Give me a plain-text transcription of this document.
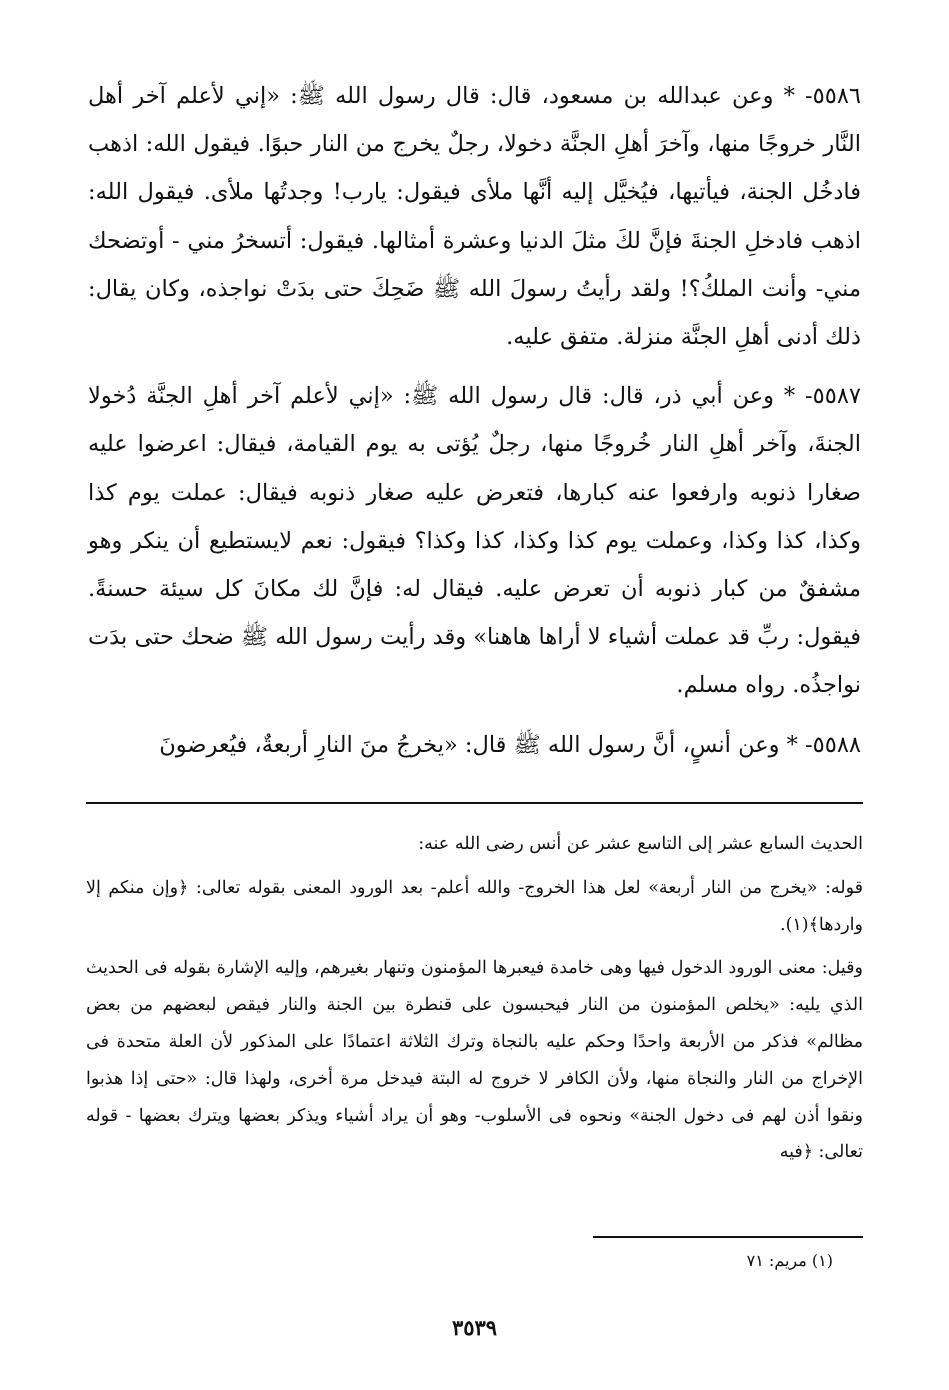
٥٥٨٦- * وعن عبدالله بن مسعود، قال: قال رسول الله ﷺ: «إني لأعلم آخر أهل النَّار خروجًا منها، وآخرَ أهلِ الجنَّة دخولا، رجلٌ يخرج من النار حبوًا. فيقول الله: اذهب فادخُل الجنة، فيأتيها، فيُخيَّل إليه أنَّها ملأى فيقول: يارب! وجدتُها ملأى. فيقول الله: اذهب فادخلِ الجنةَ فإنَّ لكَ مثلَ الدنيا وعشرة أمثالها. فيقول: أتسخرُ مني - أوتضحك مني- وأنت الملكُ؟! ولقد رأيتُ رسولَ الله ﷺ ضَحِكَ حتى بدَتْ نواجذه، وكان يقال: ذلك أدنى أهلِ الجنَّة منزلة. متفق عليه.

٥٥٨٧- * وعن أبي ذر، قال: قال رسول الله ﷺ: «إني لأعلم آخر أهلِ الجنَّة دُخولا الجنةَ، وآخر أهلِ النار خُروجًا منها، رجلٌ يُؤتى به يوم القيامة، فيقال: اعرضوا عليه صغارا ذنوبه وارفعوا عنه كبارها، فتعرض عليه صغار ذنوبه فيقال: عملت يوم كذا وكذا، كذا وكذا، وعملت يوم كذا وكذا، كذا وكذا؟ فيقول: نعم لايستطيع أن ينكر وهو مشفقٌ من كبار ذنوبه أن تعرض عليه. فيقال له: فإنَّ لك مكانَ كل سيئة حسنةً. فيقول: ربِّ قد عملت أشياء لا أراها هاهنا» وقد رأيت رسول الله ﷺ ضحك حتى بدَت نواجذُه. رواه مسلم.

٥٥٨٨- * وعن أنسٍ، أنَّ رسول الله ﷺ قال: «يخرجُ منَ النارِ أربعةٌ، فيُعرضونَ

الحديث السابع عشر إلى التاسع عشر عن أنس رضى الله عنه:

قوله: «يخرج من النار أربعة» لعل هذا الخروج- والله أعلم- بعد الورود المعنى بقوله تعالى: ﴿وإن منكم إلا واردها﴾(١).

وقيل: معنى الورود الدخول فيها وهى خامدة فيعبرها المؤمنون وتنهار بغيرهم، وإليه الإشارة بقوله فى الحديث الذي يليه: «يخلص المؤمنون من النار فيحبسون على قنطرة بين الجنة والنار فيقص لبعضهم من بعض مظالم» فذكر من الأربعة واحدًا وحكم عليه بالنجاة وترك الثلاثة اعتمادًا على المذكور لأن العلة متحدة فى الإخراج من النار والنجاة منها، ولأن الكافر لا خروج له البتة فيدخل مرة أخرى، ولهذا قال: «حتى إذا هذبوا ونقوا أذن لهم فى دخول الجنة» ونحوه فى الأسلوب- وهو أن يراد أشياء ويذكر بعضها ويترك بعضها - قوله تعالى: ﴿فيه

(١) مريم: ٧١
٣٥٣٩
